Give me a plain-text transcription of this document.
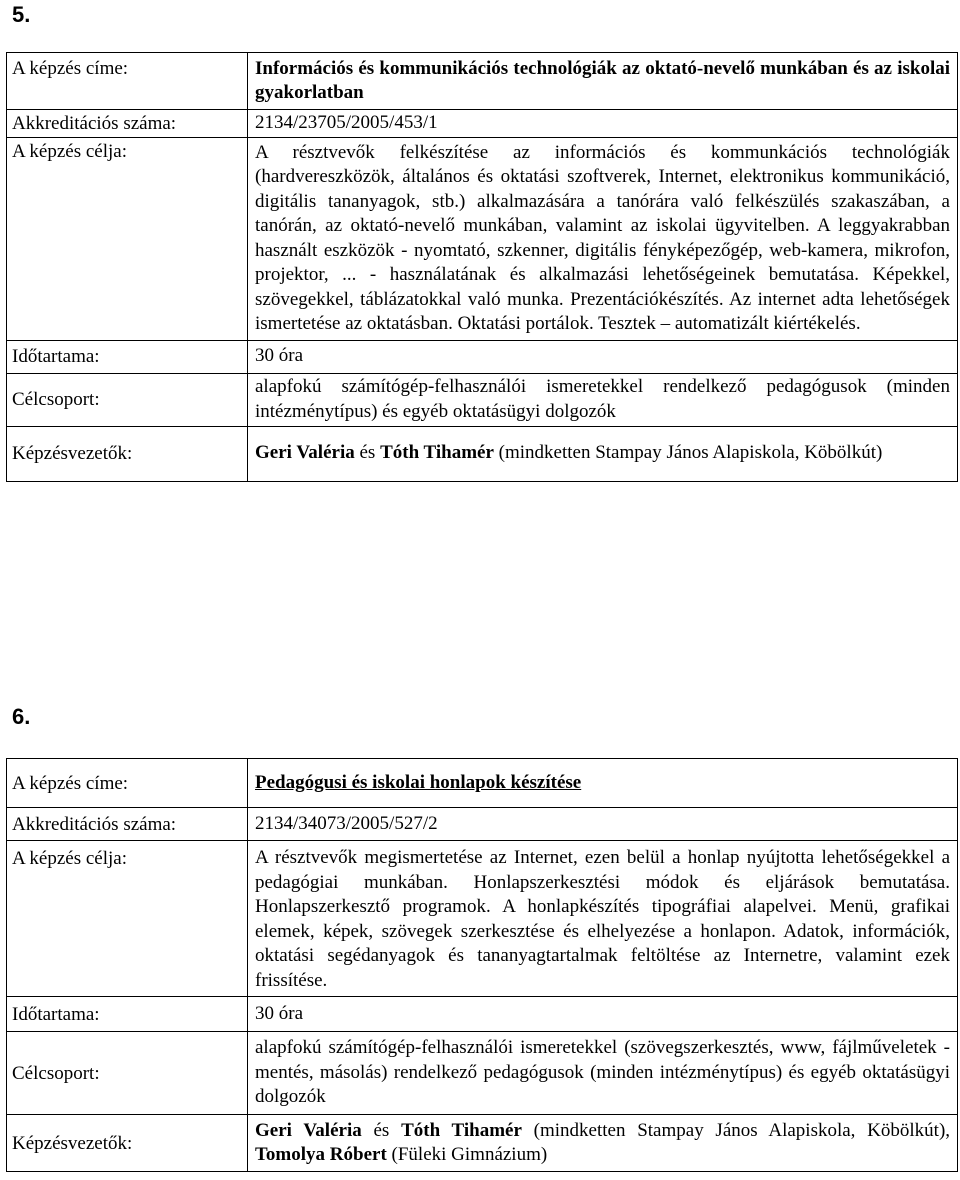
5.
A képzés címe:	Információs és kommunikációs technológiák az oktató-nevelő munkában és az iskolai gyakorlatban
Akkreditációs száma:	2134/23705/2005/453/1
A képzés célja:	A résztvevők felkészítése az információs és kommunkációs technológiák (hardvereszközök, általános és oktatási szoftverek, Internet, elektronikus kommunikáció, digitális tananyagok, stb.) alkalmazására a tanórára való felkészülés szakaszában, a tanórán, az oktató-nevelő munkában, valamint az iskolai ügyvitelben. A leggyakrabban használt eszközök - nyomtató, szkenner, digitális fényképezőgép, web-kamera, mikrofon, projektor, ... - használatának és alkalmazási lehetőségeinek bemutatása. Képekkel, szövegekkel, táblázatokkal való munka. Prezentációkészítés. Az internet adta lehetőségek ismertetése az oktatásban. Oktatási portálok. Tesztek – automatizált kiértékelés.
Időtartama:	30 óra
Célcsoport:	alapfokú számítógép-felhasználói ismeretekkel rendelkező pedagógusok (minden intézménytípus) és egyéb oktatásügyi dolgozók
Képzésvezetők:	Geri Valéria és Tóth Tihamér (mindketten Stampay János Alapiskola, Köbölkút)
6.
A képzés címe:	Pedagógusi és iskolai honlapok készítése
Akkreditációs száma:	2134/34073/2005/527/2
A képzés célja:	A résztvevők megismertetése az Internet, ezen belül a honlap nyújtotta lehetőségekkel a pedagógiai munkában. Honlapszerkesztési módok és eljárások bemutatása. Honlapszerkesztő programok. A honlapkészítés tipográfiai alapelvei. Menü, grafikai elemek, képek, szövegek szerkesztése és elhelyezése a honlapon. Adatok, információk, oktatási segédanyagok és tananyagtartalmak feltöltése az Internetre, valamint ezek frissítése.
Időtartama:	30 óra
Célcsoport:	alapfokú számítógép-felhasználói ismeretekkel (szövegszerkesztés, www, fájlműveletek - mentés, másolás) rendelkező pedagógusok (minden intézménytípus) és egyéb oktatásügyi dolgozók
Képzésvezetők:	Geri Valéria és Tóth Tihamér (mindketten Stampay János Alapiskola, Köbölkút), Tomolya Róbert (Füleki Gimnázium)
